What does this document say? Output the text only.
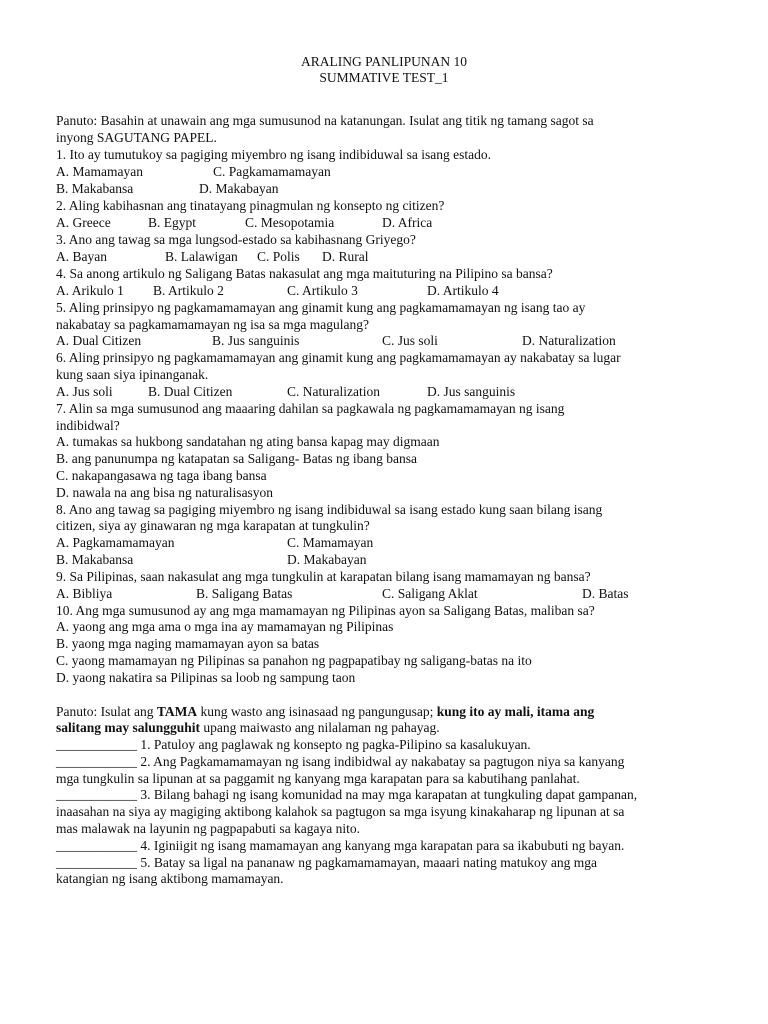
ARALING PANLIPUNAN 10
SUMMATIVE TEST_1
Panuto: Basahin at unawain ang mga sumusunod na katanungan. Isulat ang titik ng tamang sagot sa
inyong SAGUTANG PAPEL.
1. Ito ay tumutukoy sa pagiging miyembro ng isang indibiduwal sa isang estado.
A. Mamamayan	C. Pagkamamamayan
B. Makabansa	D. Makabayan
2. Aling kabihasnan ang tinatayang pinagmulan ng konsepto ng citizen?
A. Greece	B. Egypt	C. Mesopotamia	D. Africa
3. Ano ang tawag sa mga lungsod-estado sa kabihasnang Griyego?
A. Bayan	B. Lalawigan C. Polis D. Rural
4. Sa anong artikulo ng Saligang Batas nakasulat ang mga maituturing na Pilipino sa bansa?
A. Arikulo 1 B. Artikulo 2	C. Artikulo 3	D. Artikulo 4
5. Aling prinsipyo ng pagkamamamayan ang ginamit kung ang pagkamamamayan ng isang tao ay
nakabatay sa pagkamamamayan ng isa sa mga magulang?
A. Dual Citizen	B. Jus sanguinis	C. Jus soli	D. Naturalization
6. Aling prinsipyo ng pagkamamamayan ang ginamit kung ang pagkamamamayan ay nakabatay sa lugar
kung saan siya ipinanganak.
A. Jus soli	B. Dual Citizen	C. Naturalization	D. Jus sanguinis
7. Alin sa mga sumusunod ang maaaring dahilan sa pagkawala ng pagkamamamayan ng isang
indibidwal?
A. tumakas sa hukbong sandatahan ng ating bansa kapag may digmaan
B. ang panunumpa ng katapatan sa Saligang- Batas ng ibang bansa
C. nakapangasawa ng taga ibang bansa
D. nawala na ang bisa ng naturalisasyon
8. Ano ang tawag sa pagiging miyembro ng isang indibiduwal sa isang estado kung saan bilang isang
citizen, siya ay ginawaran ng mga karapatan at tungkulin?
A. Pagkamamamayan	C. Mamamayan
B. Makabansa	D. Makabayan
9. Sa Pilipinas, saan nakasulat ang mga tungkulin at karapatan bilang isang mamamayan ng bansa?
A. Bibliya	B. Saligang Batas	C. Saligang Aklat	D. Batas
10. Ang mga sumusunod ay ang mga mamamayan ng Pilipinas ayon sa Saligang Batas, maliban sa?
A. yaong ang mga ama o mga ina ay mamamayan ng Pilipinas
B. yaong mga naging mamamayan ayon sa batas
C. yaong mamamayan ng Pilipinas sa panahon ng pagpapatibay ng saligang-batas na ito
D. yaong nakatira sa Pilipinas sa loob ng sampung taon
Panuto: Isulat ang TAMA kung wasto ang isinasaad ng pangungusap; kung ito ay mali, itama ang
salitang may salungguhit upang maiwasto ang nilalaman ng pahayag.
____________ 1. Patuloy ang paglawak ng konsepto ng pagka-Pilipino sa kasalukuyan.
____________ 2. Ang Pagkamamamayan ng isang indibidwal ay nakabatay sa pagtugon niya sa kanyang
mga tungkulin sa lipunan at sa paggamit ng kanyang mga karapatan para sa kabutihang panlahat.
____________ 3. Bilang bahagi ng isang komunidad na may mga karapatan at tungkuling dapat gampanan,
inaasahan na siya ay magiging aktibong kalahok sa pagtugon sa mga isyung kinakaharap ng lipunan at sa
mas malawak na layunin ng pagpapabuti sa kagaya nito.
____________ 4. Iginiigit ng isang mamamayan ang kanyang mga karapatan para sa ikabubuti ng bayan.
____________ 5. Batay sa ligal na pananaw ng pagkamamamayan, maaari nating matukoy ang mga
katangian ng isang aktibong mamamayan.
